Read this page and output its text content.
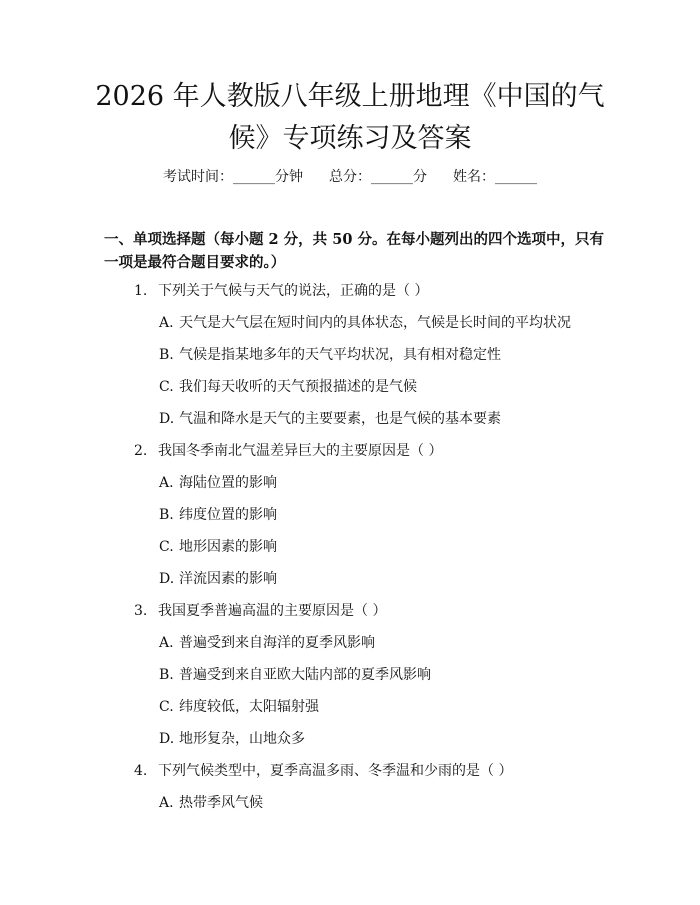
2026 年人教版八年级上册地理《中国的气
候》专项练习及答案
考试时间：______分钟 总分：______分 姓名：______

一、单项选择题（每小题 2 分，共 50 分。在每小题列出的四个选项中，只有一项是最符合题目要求的。）

1. 下列关于气候与天气的说法，正确的是（ ）
A. 天气是大气层在短时间内的具体状态，气候是长时间的平均状况
B. 气候是指某地多年的天气平均状况，具有相对稳定性
C. 我们每天收听的天气预报描述的是气候
D. 气温和降水是天气的主要要素，也是气候的基本要素
2. 我国冬季南北气温差异巨大的主要原因是（ ）
A. 海陆位置的影响
B. 纬度位置的影响
C. 地形因素的影响
D. 洋流因素的影响
3. 我国夏季普遍高温的主要原因是（ ）
A. 普遍受到来自海洋的夏季风影响
B. 普遍受到来自亚欧大陆内部的夏季风影响
C. 纬度较低，太阳辐射强
D. 地形复杂，山地众多
4. 下列气候类型中，夏季高温多雨、冬季温和少雨的是（ ）
A. 热带季风气候
